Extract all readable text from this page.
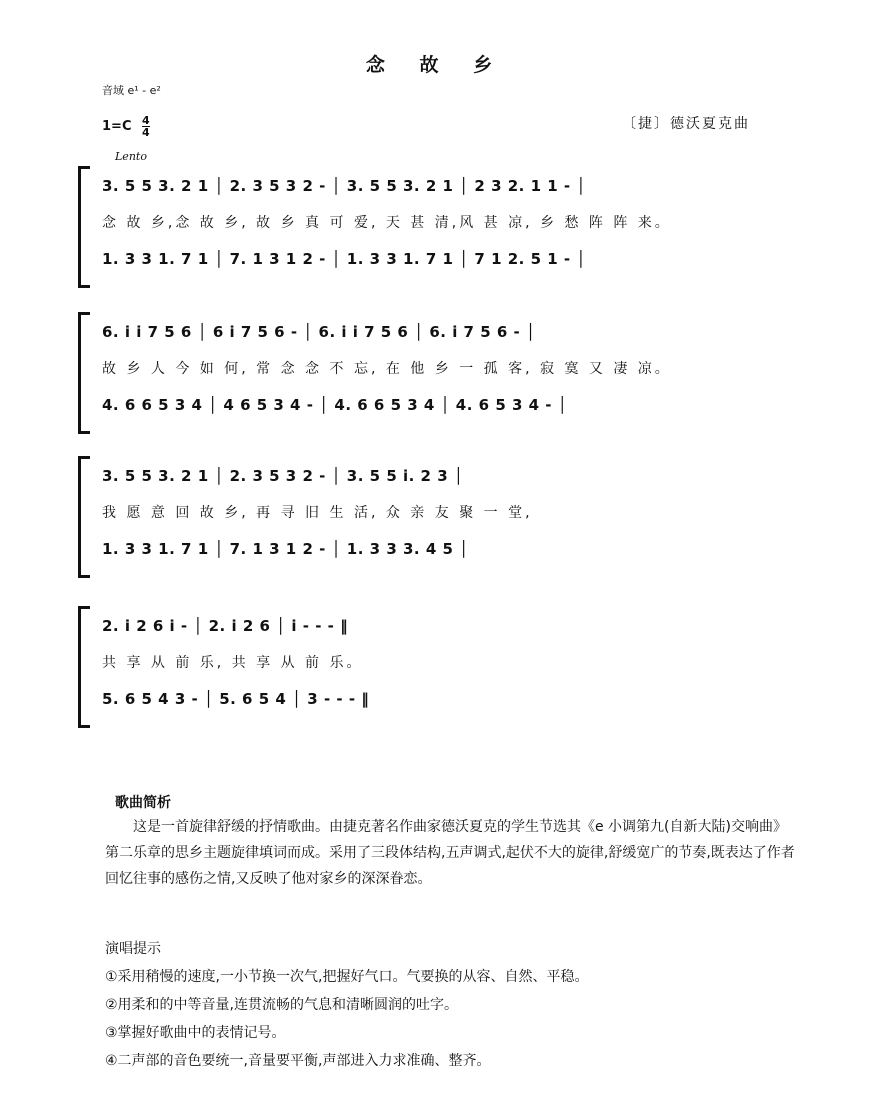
念 故 乡
音域 e¹ - e²
$1=C \frac{4}{4}$
Lento
〔捷〕德沃夏克曲
3. 5 5 3. 2 1 │ 2. 3 5 3 2 - │ 3. 5 5 3. 2 1 │ 2 3 2. 1 1 - │
念 故 乡,念 故 乡, 故 乡 真 可 爱, 天 甚 清,风 甚 凉, 乡 愁 阵 阵 来。
1. 3 3 1. 7 1 │ 7. 1 3 1 2 - │ 1. 3 3 1. 7 1 │ 7 1 2. 5 1 - │
6. i i 7 5 6 │ 6 i 7 5 6 - │ 6. i i 7 5 6 │ 6. i 7 5 6 - │
故 乡 人 今 如 何, 常 念 念 不 忘, 在 他 乡 一 孤 客, 寂 寞 又 凄 凉。
4. 6 6 5 3 4 │ 4 6 5 3 4 - │ 4. 6 6 5 3 4 │ 4. 6 5 3 4 - │
3. 5 5 3. 2 1 │ 2. 3 5 3 2 - │ 3. 5 5 i. 2 3 │
我 愿 意 回 故 乡, 再 寻 旧 生 活, 众 亲 友 聚 一 堂,
1. 3 3 1. 7 1 │ 7. 1 3 1 2 - │ 1. 3 3 3. 4 5 │
2. i 2 6 i - │ 2. i 2 6 │ i - - - ‖
共 享 从 前 乐, 共 享 从 前 乐。
5. 6 5 4 3 - │ 5. 6 5 4 │ 3 - - - ‖
歌曲简析
这是一首旋律舒缓的抒情歌曲。由捷克著名作曲家德沃夏克的学生节选其《e 小调第九(自新大陆)交响曲》第二乐章的思乡主题旋律填词而成。采用了三段体结构,五声调式,起伏不大的旋律,舒缓宽广的节奏,既表达了作者回忆往事的感伤之情,又反映了他对家乡的深深眷恋。
演唱提示
①采用稍慢的速度,一小节换一次气,把握好气口。气要换的从容、自然、平稳。
②用柔和的中等音量,连贯流畅的气息和清晰圆润的吐字。
③掌握好歌曲中的表情记号。
④二声部的音色要统一,音量要平衡,声部进入力求准确、整齐。
